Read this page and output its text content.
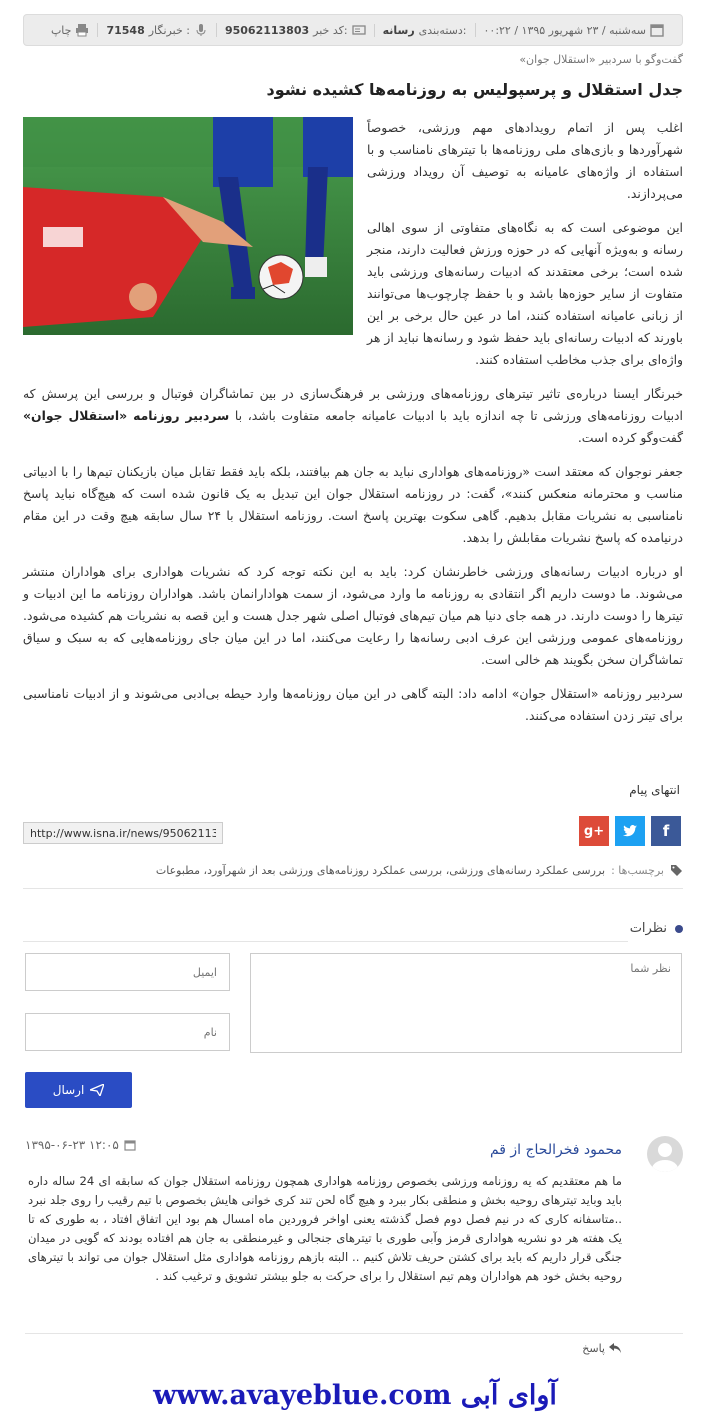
سه‌شنبه / ۲۳ شهریور ۱۳۹۵ / ۰۰:۲۲
دسته‌بندی:
رسانه
کد خبر:
95062113803
خبرنگار :
71548
چاپ
گفت‌وگو با سردبیر «استقلال جوان»
جدل استقلال و پرسپولیس به روزنامه‌ها کشیده نشود

اغلب پس از اتمام رویدادهای مهم ورزشی، خصوصاً شهرآوردها و بازی‌های ملی روزنامه‌ها با تیترهای نامناسب و با استفاده از واژه‌های عامیانه به توصیف آن رویداد ورزشی می‌پردازند.

این موضوعی است که به نگاه‌های متفاوتی از سوی اهالی رسانه و به‌ویژه آنهایی که در حوزه ورزش فعالیت دارند، منجر شده است؛ برخی معتقدند که ادبیات رسانه‌های ورزشی باید متفاوت از سایر حوزه‌ها باشد و با حفظ چارچوب‌ها می‌توانند از زبانی عامیانه استفاده کنند، اما در عین حال برخی بر این باورند که ادبیات رسانه‌ای باید حفظ شود و رسانه‌ها نباید از هر واژه‌ای برای جذب مخاطب استفاده کنند.

خبرنگار ایسنا درباره‌ی تاثیر تیترهای روزنامه‌های ورزشی بر فرهنگ‌سازی در بین تماشاگران فوتبال و بررسی این پرسش که ادبیات روزنامه‌های ورزشی تا چه اندازه باید با ادبیات عامیانه جامعه متفاوت باشد، با سردبیر روزنامه «استقلال جوان» گفت‌وگو کرده است.

جعفر نوجوان که معتقد است «روزنامه‌های هواداری نباید به جان هم بیافتند، بلکه باید فقط تقابل میان بازیکنان تیم‌ها را با ادبیاتی مناسب و محترمانه منعکس کنند»، گفت: در روزنامه استقلال جوان این تبدیل به یک قانون شده است که هیچ‌گاه نباید پاسخ نامناسبی به نشریات مقابل بدهیم. گاهی سکوت بهترین پاسخ است. روزنامه استقلال با ۲۴ سال سابقه هیچ وقت در این مقام درنیامده که پاسخ نشریات مقابلش را بدهد.

او درباره ادبیات رسانه‌های ورزشی خاطرنشان کرد: باید به این نکته توجه کرد که نشریات هواداری برای هواداران منتشر می‌شوند. ما دوست داریم اگر انتقادی به روزنامه ما وارد می‌شود، از سمت هوادارانمان باشد. هواداران روزنامه ما این ادبیات و تیترها را دوست دارند. در همه جای دنیا هم میان تیم‌های فوتبال اصلی شهر جدل هست و این قصه به نشریات هم کشیده می‌شود. روزنامه‌های عمومی ورزشی این عرف ادبی رسانه‌ها را رعایت می‌کنند، اما در این میان جای روزنامه‌هایی که به سبک و سیاق تماشاگران سخن بگویند هم خالی است.

سردبیر روزنامه «استقلال جوان» ادامه داد: البته گاهی در این میان روزنامه‌ها وارد حیطه بی‌ادبی می‌شوند و از ادبیات نامناسبی برای تیتر زدن استفاده می‌کنند.

انتهای پیام
f
g+
http://www.isna.ir/news/95062113803
برچسب‌ها :
بررسی عملکرد رسانه‌های ورزشی، بررسی عملکرد روزنامه‌های ورزشی بعد از شهرآورد، مطبوعات
نظرات
نظر شما
ایمیل
نام
ارسال
محمود فخرالحاج از قم
۱۳۹۵-۰۶-۲۳ ۱۲:۰۵
ما هم معتقدیم که یه روزنامه ورزشی بخصوص روزنامه هواداری همچون روزنامه استقلال جوان که سابقه ای 24 ساله داره باید وباید تیترهای روحیه بخش و منطقی بکار ببرد و هیچ گاه لحن تند کری خوانی هایش بخصوص با تیم رقیب را روی جلد نبرد ..متاسفانه کاری که در نیم فصل دوم فصل گذشته یعنی اواخر فروردین ماه امسال هم بود این اتفاق افتاد ، به طوری که تا یک هفته هر دو نشریه هواداری قرمز وآبی طوری با تیترهای جنجالی و غیرمنطقی به جان هم افتاده بودند که گویی در میدان جنگی قرار داریم که باید برای کشتن حریف تلاش کنیم .. البته بازهم روزنامه هواداری مثل استقلال جوان می تواند با تیترهای روحیه بخش خود هم هواداران وهم تیم استقلال را برای حرکت به جلو بیشتر تشویق و ترغیب کند .
پاسخ
www.avayeblue.com آوای آبی
